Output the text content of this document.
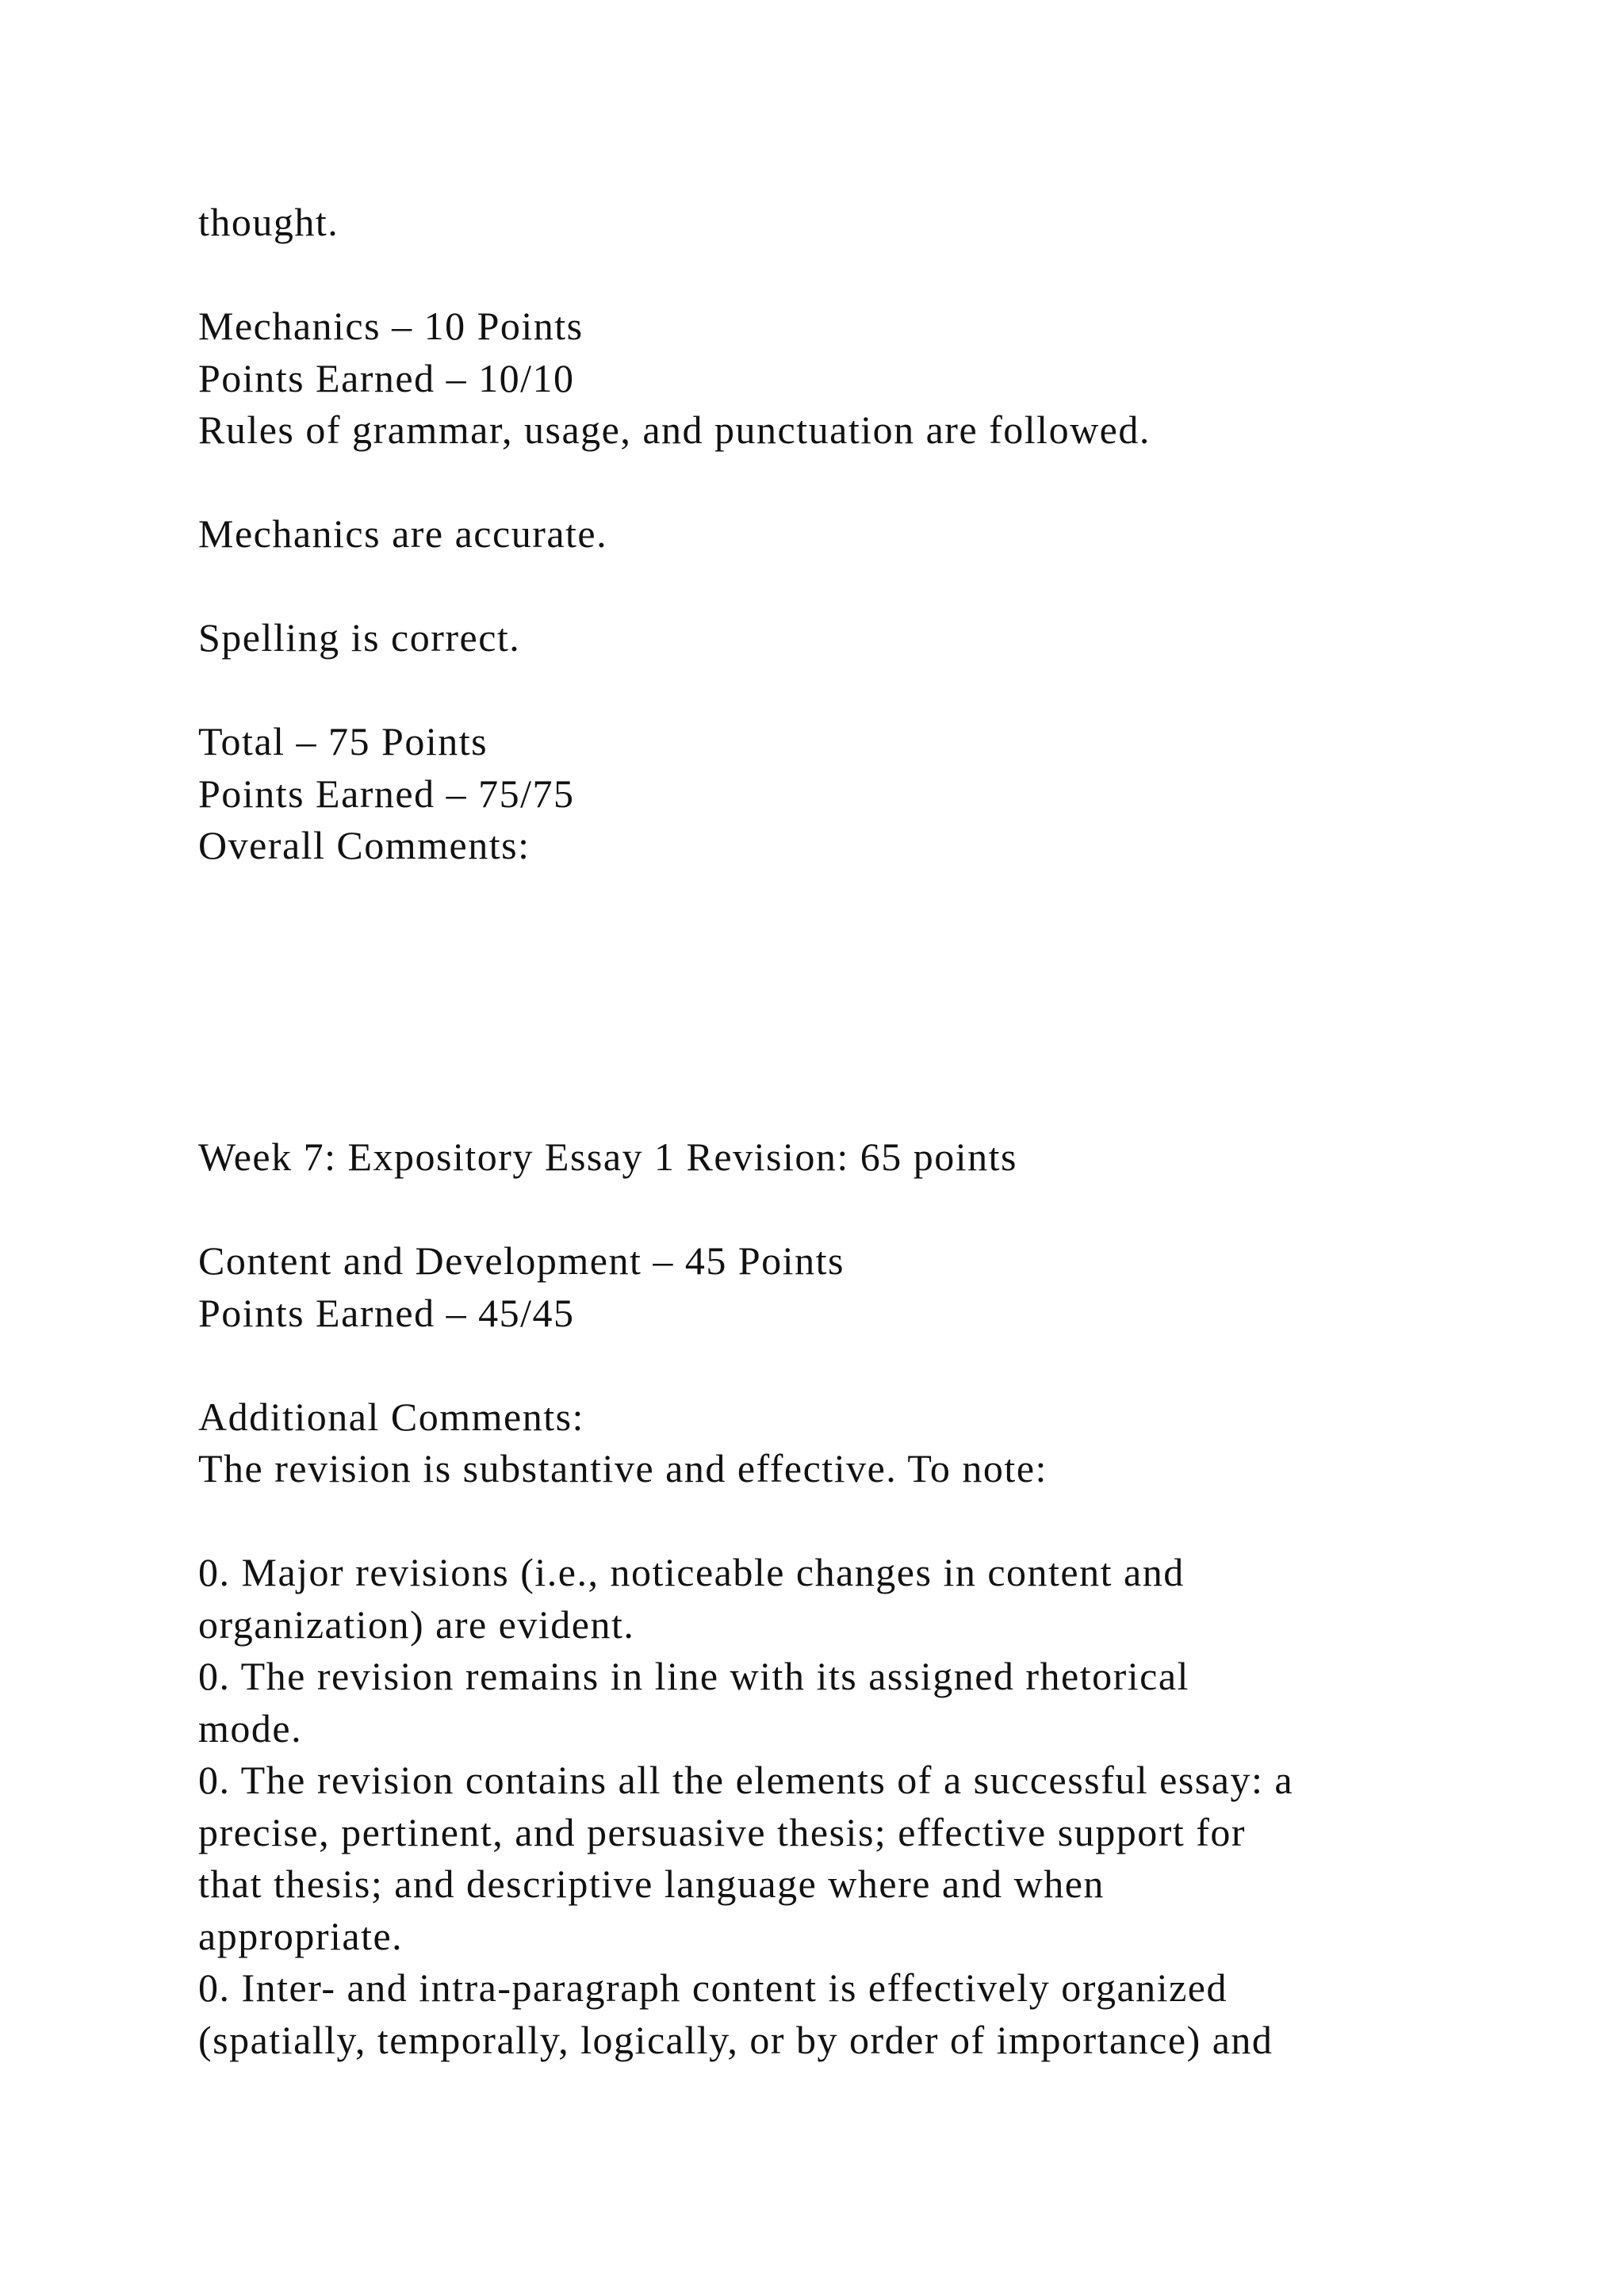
thought.
Mechanics – 10 Points
Points Earned – 10/10
Rules of grammar, usage, and punctuation are followed.
Mechanics are accurate.
Spelling is correct.
Total – 75 Points
Points Earned – 75/75
Overall Comments:
Week 7: Expository Essay 1 Revision: 65 points
Content and Development – 45 Points
Points Earned – 45/45
Additional Comments:
The revision is substantive and effective. To note:
0. Major revisions (i.e., noticeable changes in content and
organization) are evident.
0. The revision remains in line with its assigned rhetorical
mode.
0. The revision contains all the elements of a successful essay: a
precise, pertinent, and persuasive thesis; effective support for
that thesis; and descriptive language where and when
appropriate.
0. Inter- and intra-paragraph content is effectively organized
(spatially, temporally, logically, or by order of importance) and
